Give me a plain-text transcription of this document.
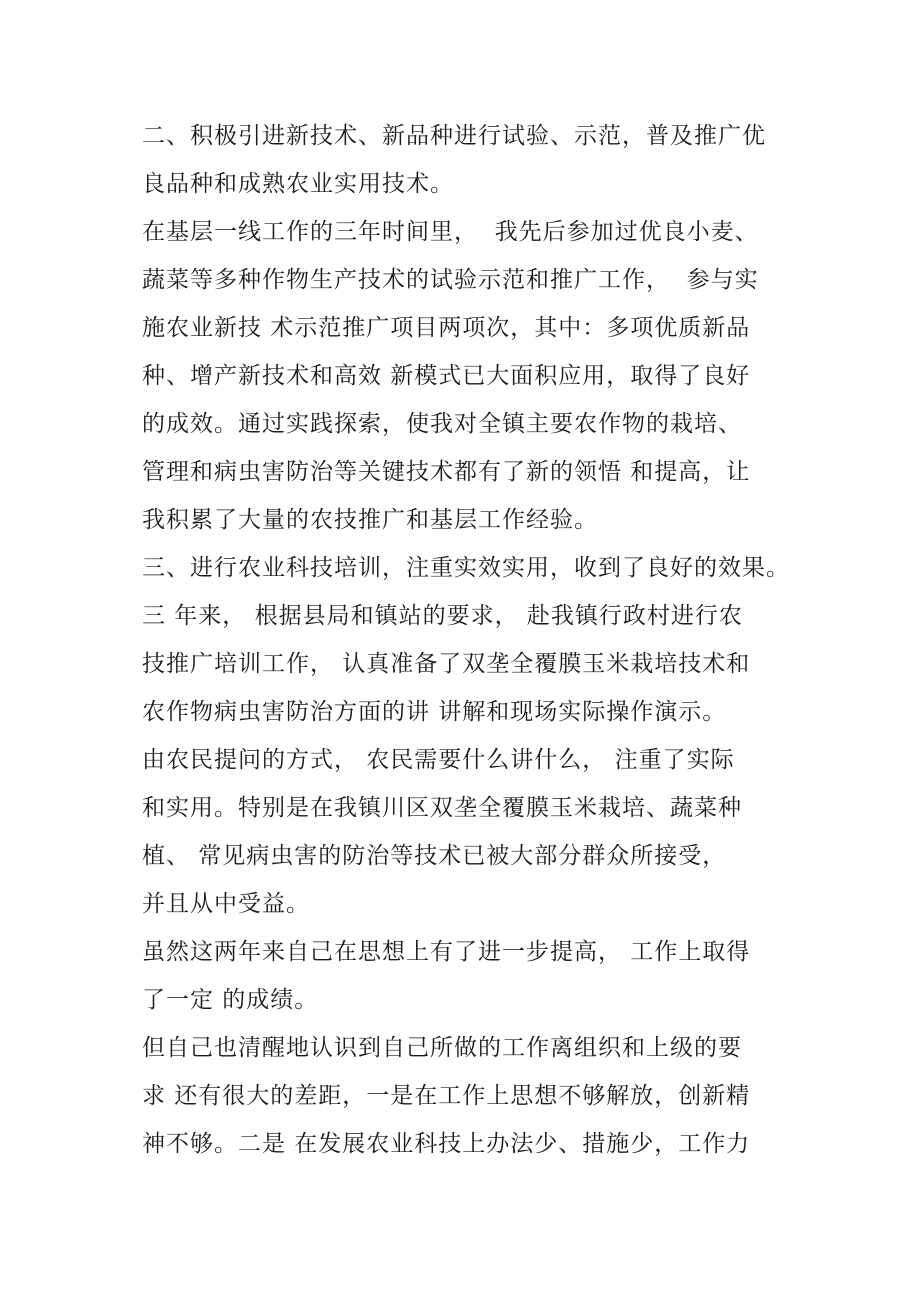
二、积极引进新技术、新品种进行试验、示范，普及推广优
良品种和成熟农业实用技术。
在基层一线工作的三年时间里，  我先后参加过优良小麦、
蔬菜等多种作物生产技术的试验示范和推广工作，  参与实
施农业新技 术示范推广项目两项次，其中：多项优质新品
种、增产新技术和高效 新模式已大面积应用，取得了良好
的成效。通过实践探索，使我对全镇主要农作物的栽培、
管理和病虫害防治等关键技术都有了新的领悟 和提高，让
我积累了大量的农技推广和基层工作经验。
三、进行农业科技培训，注重实效实用，收到了良好的效果。
三 年来， 根据县局和镇站的要求， 赴我镇行政村进行农
技推广培训工作， 认真准备了双垄全覆膜玉米栽培技术和
农作物病虫害防治方面的讲 讲解和现场实际操作演示。
由农民提问的方式， 农民需要什么讲什么， 注重了实际
和实用。特别是在我镇川区双垄全覆膜玉米栽培、蔬菜种
植、 常见病虫害的防治等技术已被大部分群众所接受，
并且从中受益。
虽然这两年来自己在思想上有了进一步提高， 工作上取得
了一定 的成绩。
但自己也清醒地认识到自己所做的工作离组织和上级的要
求 还有很大的差距，一是在工作上思想不够解放，创新精
神不够。二是 在发展农业科技上办法少、措施少，工作力
